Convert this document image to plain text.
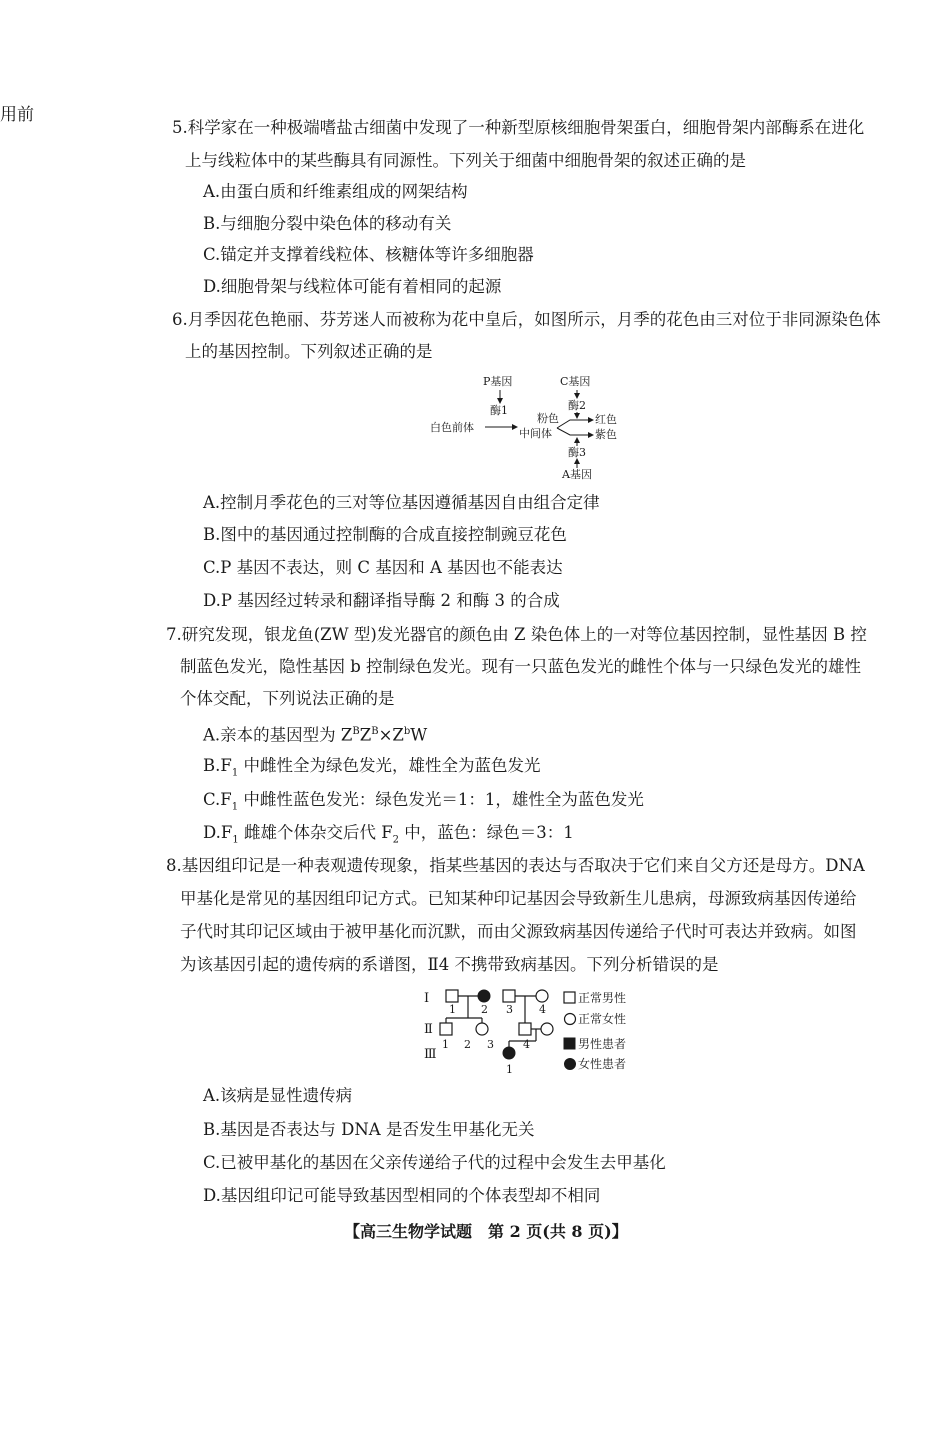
用前
5.科学家在一种极端嗜盐古细菌中发现了一种新型原核细胞骨架蛋白，细胞骨架内部酶系在进化
上与线粒体中的某些酶具有同源性。下列关于细菌中细胞骨架的叙述正确的是
A.由蛋白质和纤维素组成的网架结构
B.与细胞分裂中染色体的移动有关
C.锚定并支撑着线粒体、核糖体等许多细胞器
D.细胞骨架与线粒体可能有着相同的起源
6.月季因花色艳丽、芬芳迷人而被称为花中皇后，如图所示，月季的花色由三对位于非同源染色体
上的基因控制。下列叙述正确的是
P基因
酶1
白色前体
粉色
中间体
C基因
酶2
红色
紫色
酶3
A基因
A.控制月季花色的三对等位基因遵循基因自由组合定律
B.图中的基因通过控制酶的合成直接控制豌豆花色
C.P 基因不表达，则 C 基因和 A 基因也不能表达
D.P 基因经过转录和翻译指导酶 2 和酶 3 的合成
7.研究发现，银龙鱼(ZW 型)发光器官的颜色由 Z 染色体上的一对等位基因控制，显性基因 B 控
制蓝色发光，隐性基因 b 控制绿色发光。现有一只蓝色发光的雌性个体与一只绿色发光的雄性
个体交配，下列说法正确的是
A.亲本的基因型为 $Z^BZ^B\times Z^bW$
$B.F_1$ 中雌性全为绿色发光，雄性全为蓝色发光
$C.F_1$ 中雌性蓝色发光：绿色发光＝1：1，雄性全为蓝色发光
$D.F_1$ 雌雄个体杂交后代 $F_2$ 中，蓝色：绿色＝3：1
8.基因组印记是一种表观遗传现象，指某些基因的表达与否取决于它们来自父方还是母方。DNA
甲基化是常见的基因组印记方式。已知某种印记基因会导致新生儿患病，母源致病基因传递给
子代时其印记区域由于被甲基化而沉默，而由父源致病基因传递给子代时可表达并致病。如图
为该基因引起的遗传病的系谱图，Ⅱ4 不携带致病基因。下列分析错误的是
Ⅰ
Ⅱ
Ⅲ
1 2 3 4
1 2 3	4
1
正常男性
正常女性
男性患者
女性患者
A.该病是显性遗传病
B.基因是否表达与 DNA 是否发生甲基化无关
C.已被甲基化的基因在父亲传递给子代的过程中会发生去甲基化
D.基因组印记可能导致基因型相同的个体表型却不相同
【高三生物学试题　第 2 页(共 8 页)】
